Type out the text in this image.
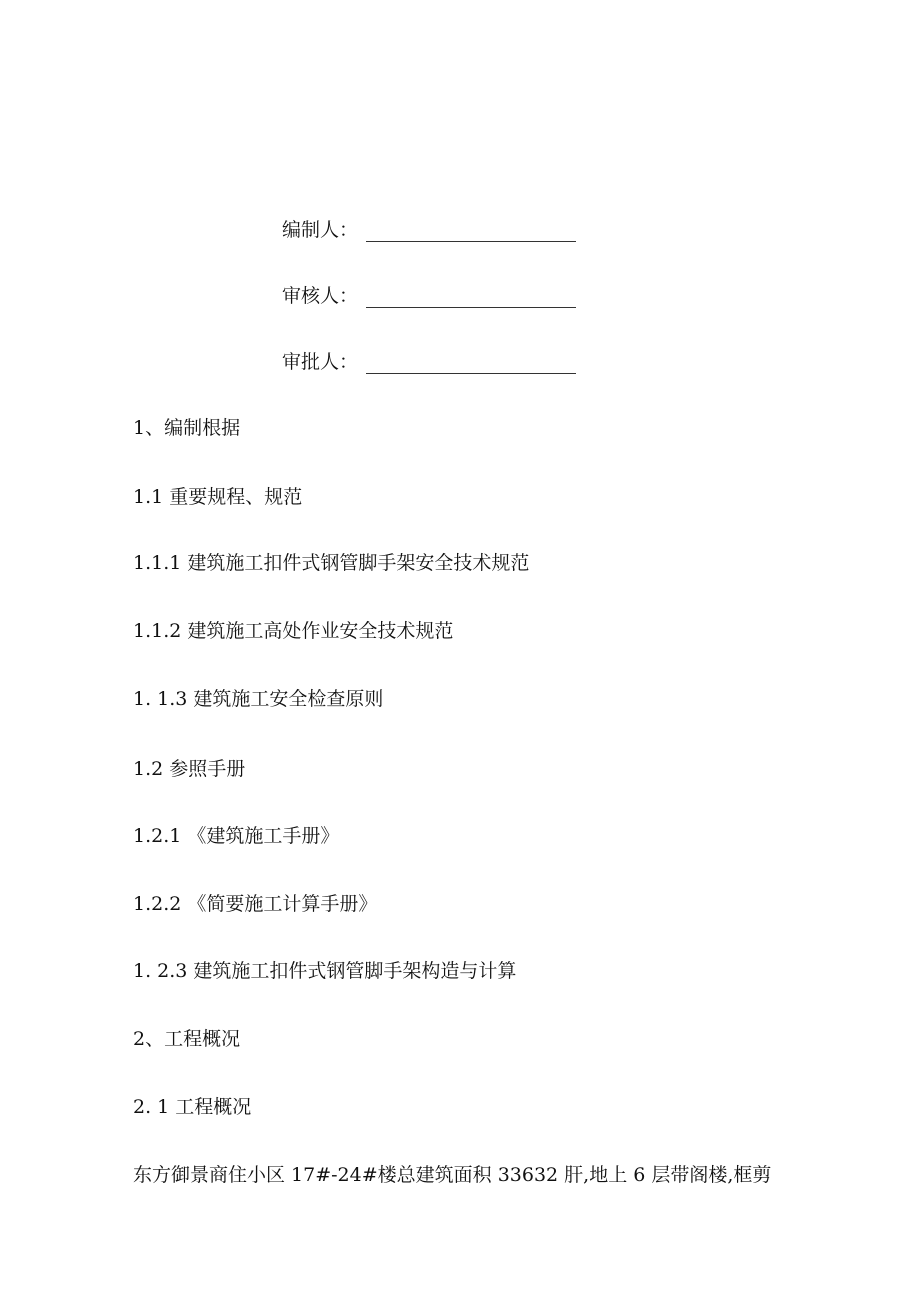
编制人：
审核人：
审批人：
1、编制根据
1.1 重要规程、规范
1.1.1 建筑施工扣件式钢管脚手架安全技术规范
1.1.2 建筑施工高处作业安全技术规范
1. 1.3 建筑施工安全检查原则
1.2 参照手册
1.2.1 《建筑施工手册》
1.2.2 《简要施工计算手册》
1. 2.3 建筑施工扣件式钢管脚手架构造与计算
2、工程概况
2. 1 工程概况
东方御景商住小区 17#-24#楼总建筑面积 33632 肝,地上 6 层带阁楼,框剪
